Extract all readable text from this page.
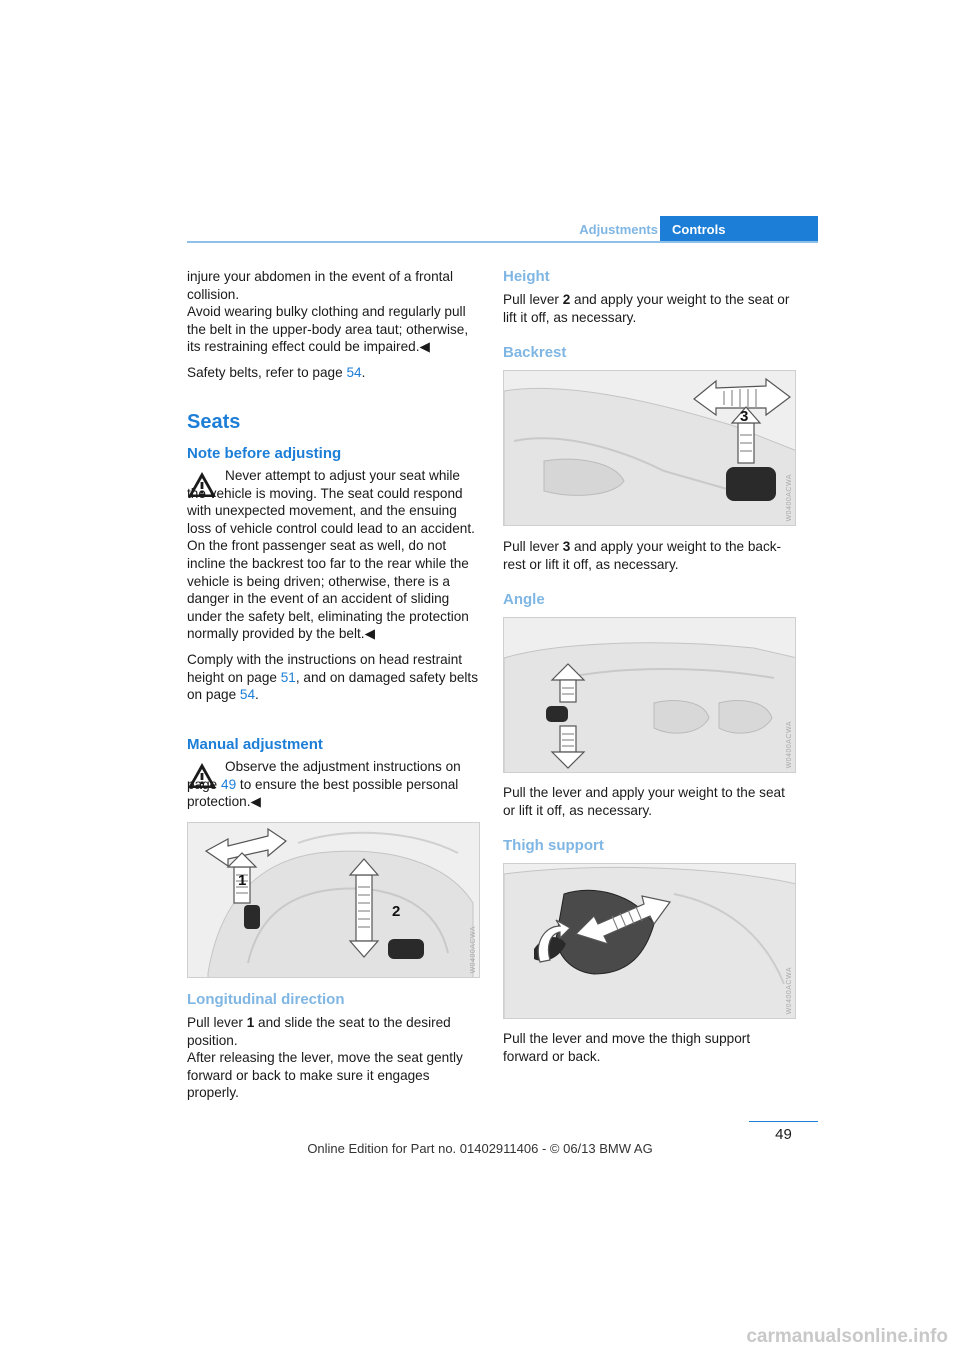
Adjustments	Controls

injure your abdomen in the event of a frontal collision.

Avoid wearing bulky clothing and regularly pull the belt in the upper-body area taut; otherwise, its restraining effect could be impaired.◀

Safety belts, refer to page 54.

Seats
Note before adjusting

Never attempt to adjust your seat while the vehicle is moving. The seat could respond with unexpected movement, and the ensuing loss of vehicle control could lead to an accident.

On the front passenger seat as well, do not incline the backrest too far to the rear while the vehicle is being driven; otherwise, there is a danger in the event of an accident of sliding under the safety belt, eliminating the protection normally provided by the belt.◀

Comply with the instructions on head restraint height on page 51, and on damaged safety belts on page 54.

Manual adjustment

Observe the adjustment instructions on page 49 to ensure the best possible personal protection.◀

1
2
W0400ACWA
Longitudinal direction

Pull lever 1 and slide the seat to the desired position.

After releasing the lever, move the seat gently forward or back to make sure it engages properly.

Height

Pull lever 2 and apply your weight to the seat or lift it off, as necessary.

Backrest
3
W0400ACWA

Pull lever 3 and apply your weight to the back-rest or lift it off, as necessary.

Angle
W0400ACWA
Pull the lever and apply your weight to the seat or lift it off, as necessary.
Thigh support
W0400ACWA
Pull the lever and move the thigh support forward or back.
49
Online Edition for Part no. 01402911406 - © 06/13 BMW AG
carmanualsonline.info
